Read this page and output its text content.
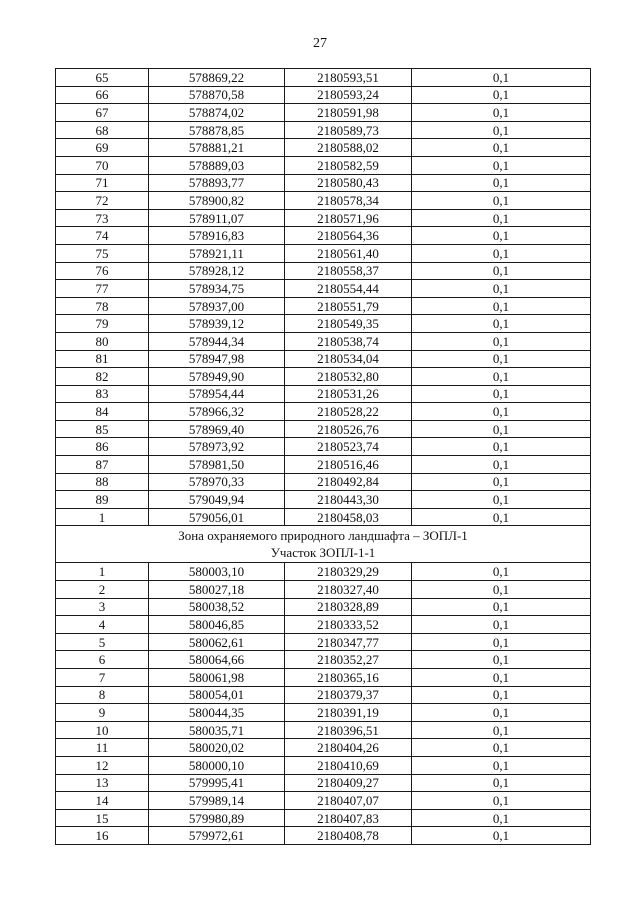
27
65	578869,22	2180593,51	0,1
66	578870,58	2180593,24	0,1
67	578874,02	2180591,98	0,1
68	578878,85	2180589,73	0,1
69	578881,21	2180588,02	0,1
70	578889,03	2180582,59	0,1
71	578893,77	2180580,43	0,1
72	578900,82	2180578,34	0,1
73	578911,07	2180571,96	0,1
74	578916,83	2180564,36	0,1
75	578921,11	2180561,40	0,1
76	578928,12	2180558,37	0,1
77	578934,75	2180554,44	0,1
78	578937,00	2180551,79	0,1
79	578939,12	2180549,35	0,1
80	578944,34	2180538,74	0,1
81	578947,98	2180534,04	0,1
82	578949,90	2180532,80	0,1
83	578954,44	2180531,26	0,1
84	578966,32	2180528,22	0,1
85	578969,40	2180526,76	0,1
86	578973,92	2180523,74	0,1
87	578981,50	2180516,46	0,1
88	578970,33	2180492,84	0,1
89	579049,94	2180443,30	0,1
1	579056,01	2180458,03	0,1

Зона охраняемого природного ландшафта – ЗОПЛ-1
Участок ЗОПЛ-1-1			

1	580003,10	2180329,29	0,1
2	580027,18	2180327,40	0,1
3	580038,52	2180328,89	0,1
4	580046,85	2180333,52	0,1
5	580062,61	2180347,77	0,1
6	580064,66	2180352,27	0,1
7	580061,98	2180365,16	0,1
8	580054,01	2180379,37	0,1
9	580044,35	2180391,19	0,1
10	580035,71	2180396,51	0,1
11	580020,02	2180404,26	0,1
12	580000,10	2180410,69	0,1
13	579995,41	2180409,27	0,1
14	579989,14	2180407,07	0,1
15	579980,89	2180407,83	0,1
16	579972,61	2180408,78	0,1
